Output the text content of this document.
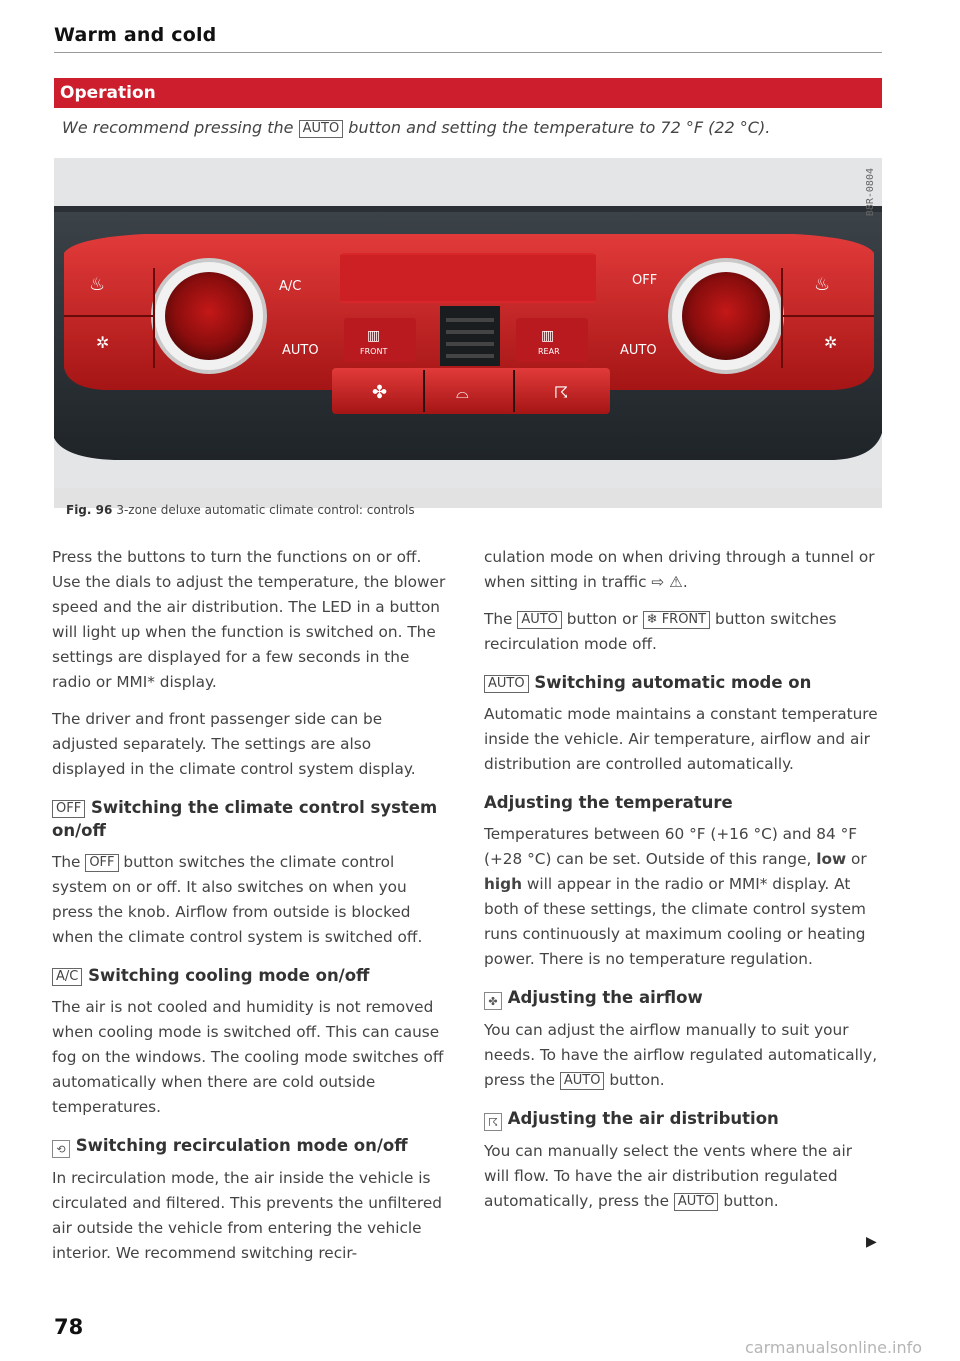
Warm and cold
Operation
We recommend pressing the AUTO button and setting the temperature to 72 °F (22 °C).
♨	♨
✲	✲
A/C
AUTO
OFF
AUTO
FRONT
▥
REAR
▥
✤	⌓	☈
B8R-0804
Fig. 96 3-zone deluxe automatic climate control: controls

Press the buttons to turn the functions on or off. Use the dials to adjust the temperature, the blower speed and the air distribution. The LED in a button will light up when the function is switched on. The settings are displayed for a few seconds in the radio or MMI* display.

The driver and front passenger side can be adjusted separately. The settings are also displayed in the climate control system display.

OFF Switching the climate control system on/off

The OFF button switches the climate control system on or off. It also switches on when you press the knob. Airflow from outside is blocked when the climate control system is switched off.

A/C Switching cooling mode on/off

The air is not cooled and humidity is not removed when cooling mode is switched off. This can cause fog on the windows. The cooling mode switches off automatically when there are cold outside temperatures.

⟲ Switching recirculation mode on/off

In recirculation mode, the air inside the vehicle is circulated and filtered. This prevents the unfiltered air outside the vehicle from entering the vehicle interior. We recommend switching recir-

culation mode on when driving through a tunnel or when sitting in traffic ⇨ ⚠.

The AUTO button or ❄ FRONT button switches recirculation mode off.

AUTO Switching automatic mode on

Automatic mode maintains a constant temperature inside the vehicle. Air temperature, airflow and air distribution are controlled automatically.

Adjusting the temperature

Temperatures between 60 °F (+16 °C) and 84 °F (+28 °C) can be set. Outside of this range, low or high will appear in the radio or MMI* display. At both of these settings, the climate control system runs continuously at maximum cooling or heating power. There is no temperature regulation.

✤ Adjusting the airflow

You can adjust the airflow manually to suit your needs. To have the airflow regulated automatically, press the AUTO button.

☈ Adjusting the air distribution

You can manually select the vents where the air will flow. To have the air distribution regulated automatically, press the AUTO button.

▶
78
carmanualsonline.info
